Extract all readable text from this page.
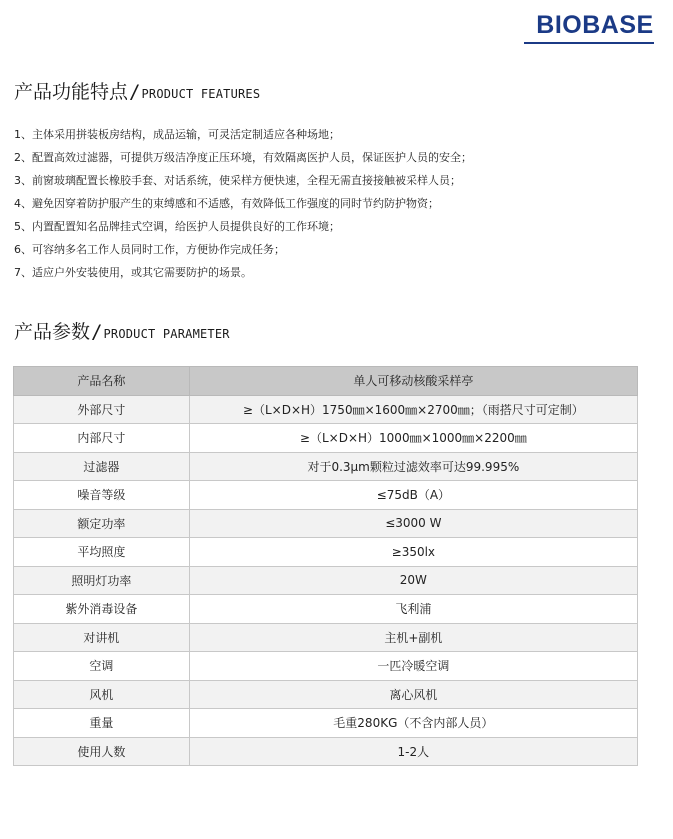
BIOBASE
产品功能特点/PRODUCT FEATURES
1、主体采用拼装板房结构，成品运输，可灵活定制适应各种场地；
2、配置高效过滤器，可提供万级洁净度正压环境，有效隔离医护人员，保证医护人员的安全；
3、前窗玻璃配置长橡胶手套、对话系统，使采样方便快速，全程无需直接接触被采样人员；
4、避免因穿着防护服产生的束缚感和不适感，有效降低工作强度的同时节约防护物资；
5、内置配置知名品牌挂式空调，给医护人员提供良好的工作环境；
6、可容纳多名工作人员同时工作，方便协作完成任务；
7、适应户外安装使用，或其它需要防护的场景。
产品参数/PRODUCT PARAMETER
产品名称	单人可移动核酸采样亭
外部尺寸	≥（L×D×H）1750㎜×1600㎜×2700㎜；（雨搭尺寸可定制）
内部尺寸	≥（L×D×H）1000㎜×1000㎜×2200㎜
过滤器	对于0.3μm颗粒过滤效率可达99.995%
噪音等级	≤75dB（A）
额定功率	≤3000 W
平均照度	≥350lx
照明灯功率	20W
紫外消毒设备	飞利浦
对讲机	主机+副机
空调	一匹冷暖空调
风机	离心风机
重量	毛重280KG（不含内部人员）
使用人数	1-2人
